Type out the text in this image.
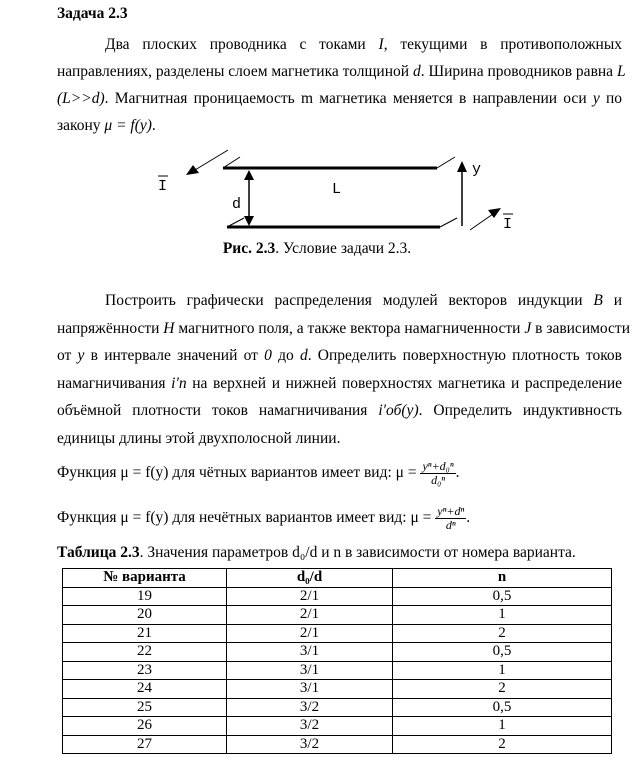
Задача 2.3
Два плоских проводника с токами I, текущими в противоположных
направлениях, разделены слоем магнетика толщиной d. Ширина проводников равна L
(L>>d). Магнитная проницаемость m магнетика меняется в направлении оси y по
закону μ = f(y).
I
I
L
d
y
Рис. 2.3. Условие задачи 2.3.
Построить графически распределения модулей векторов индукции B и
напряжённости H магнитного поля, а также вектора намагниченности J в зависимости
от y в интервале значений от 0 до d. Определить поверхностную плотность токов
намагничивания i′п на верхней и нижней поверхностях магнетика и распределение
объёмной плотности токов намагничивания i′об(y). Определить индуктивность
единицы длины этой двухполосной линии.
Функция μ = f(y) для чётных вариантов имеет вид: $\mu = \frac{\text{yⁿ+d₀ⁿ}}{\text{d₀ⁿ}}$ .
Функция μ = f(y) для нечётных вариантов имеет вид: $\mu = \frac{\text{yⁿ+dⁿ}}{\text{dⁿ}}$ .
Таблица 2.3. Значения параметров d₀/d и n в зависимости от номера варианта.
№ варианта	d₀/d	n
19	2/1	0,5
20	2/1	1
21	2/1	2
22	3/1	0,5
23	3/1	1
24	3/1	2
25	3/2	0,5
26	3/2	1
27	3/2	2
